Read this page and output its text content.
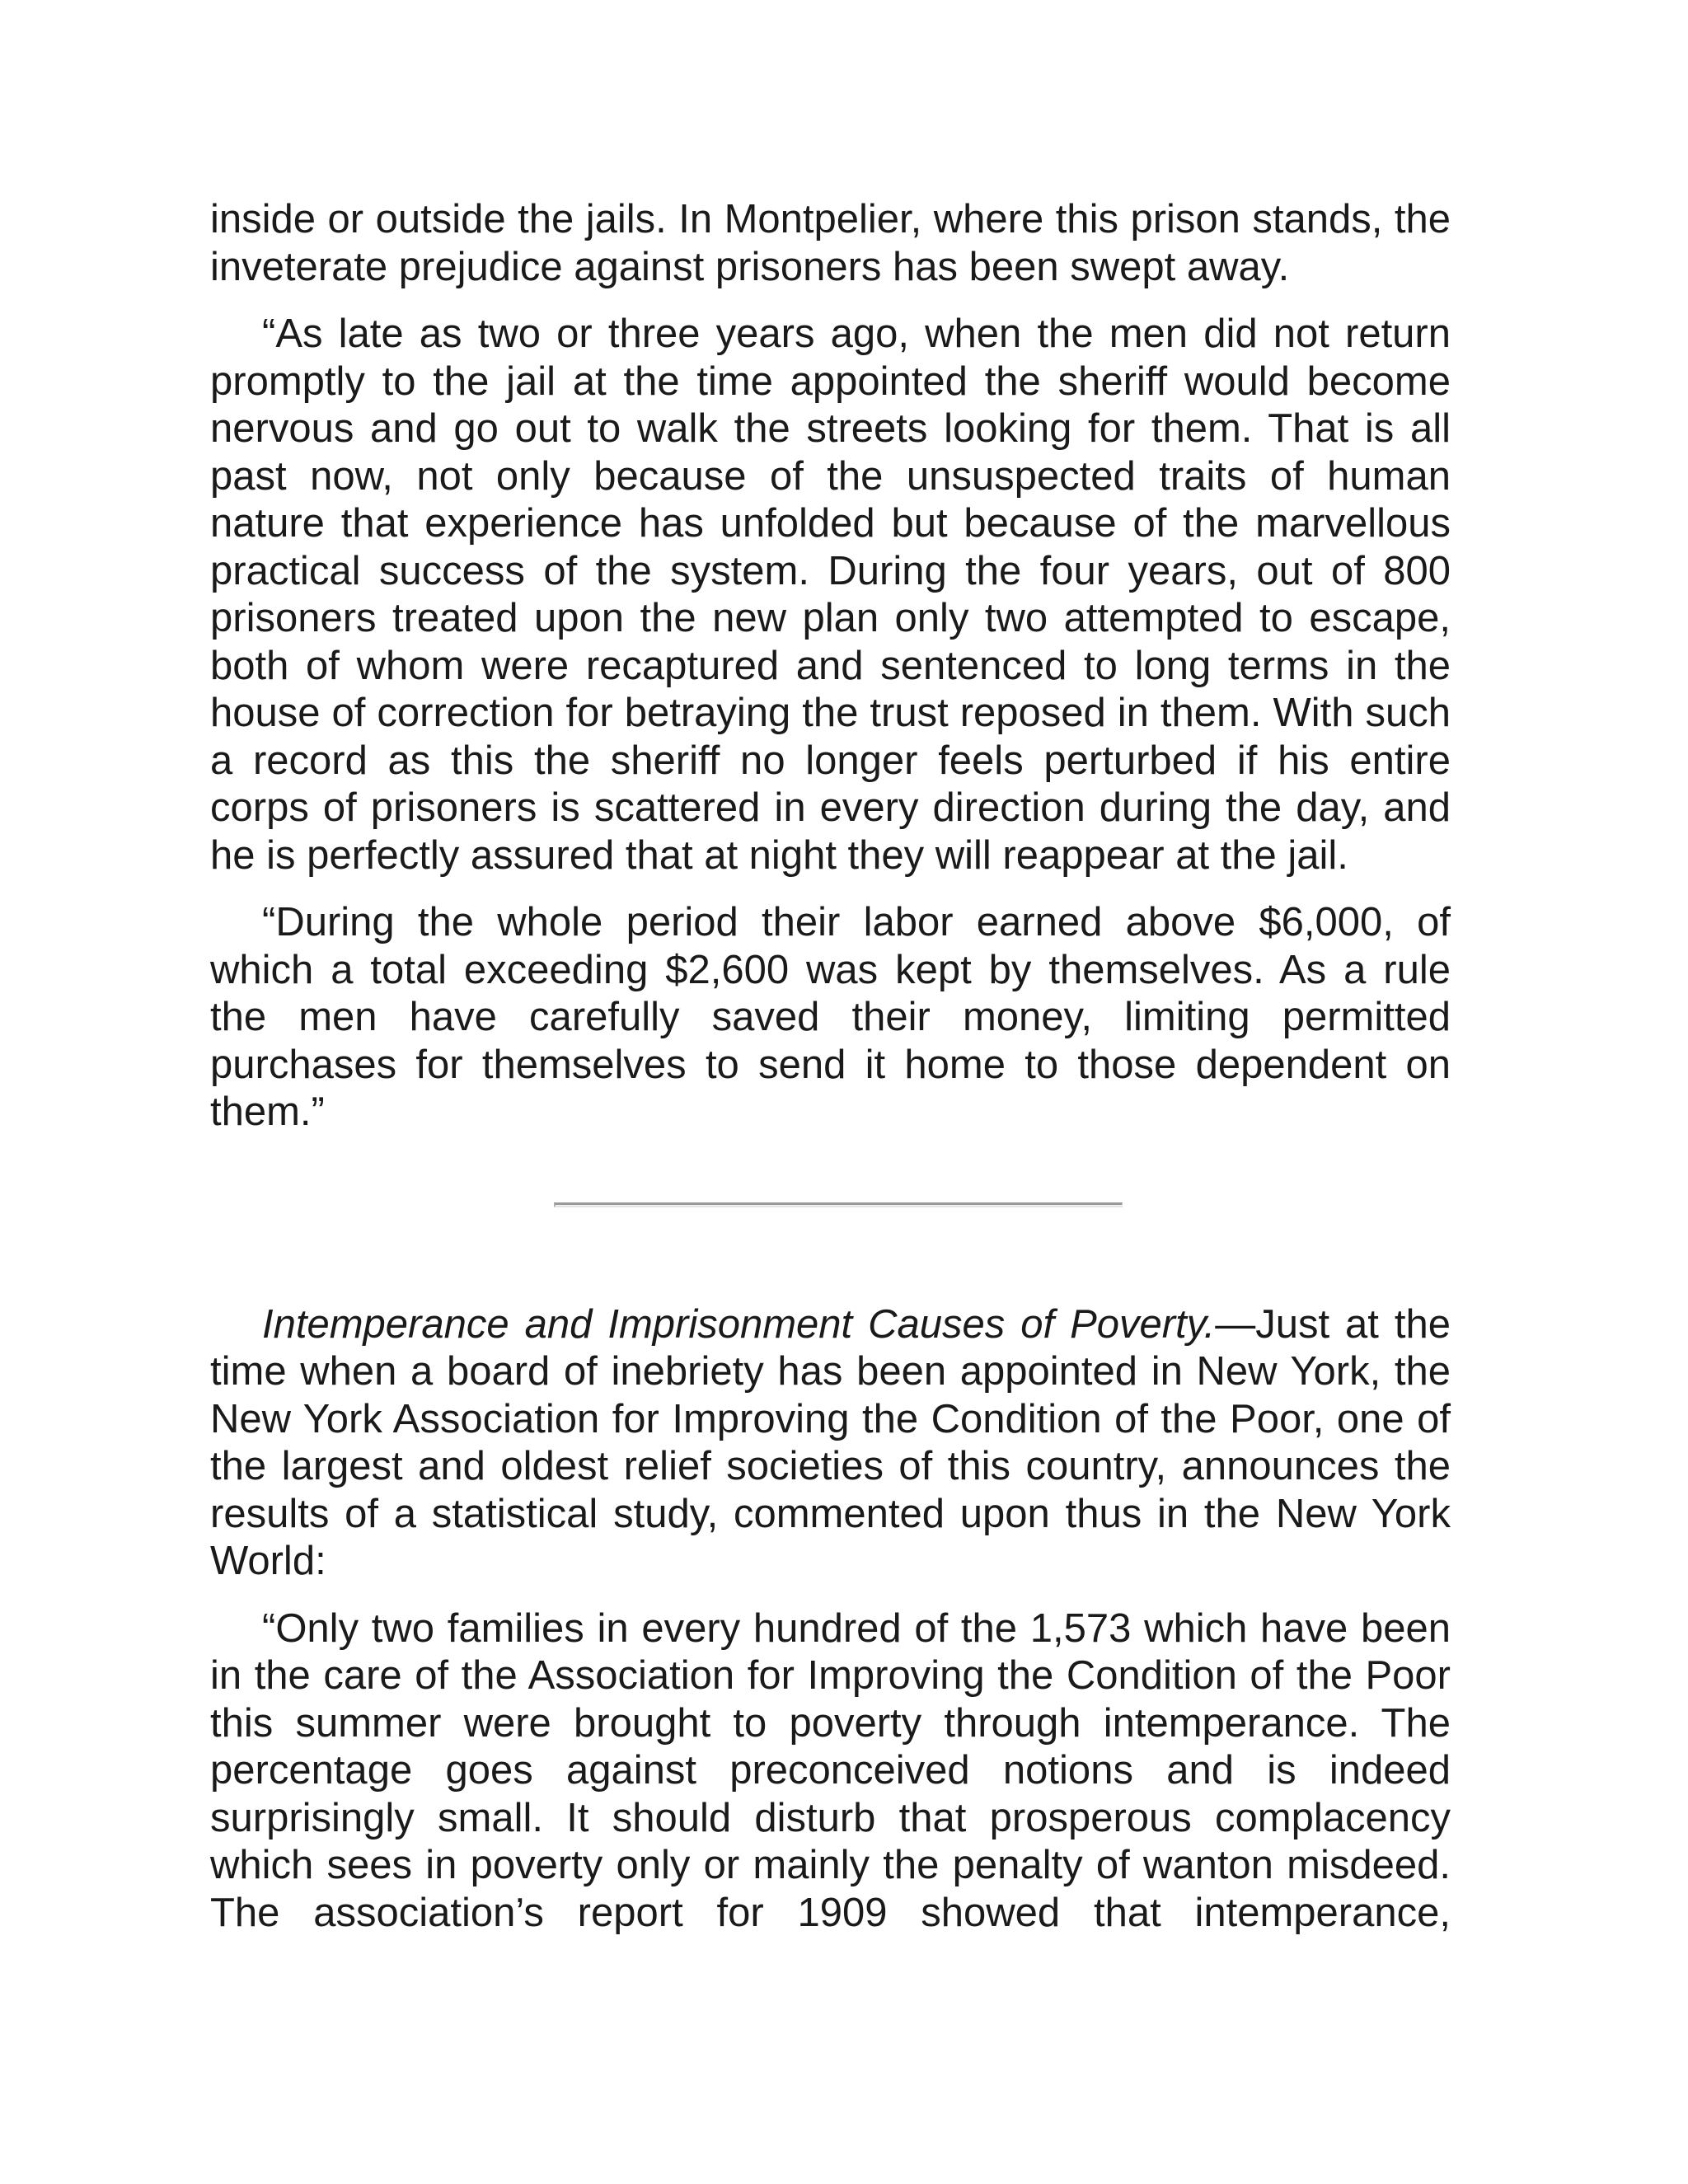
inside or outside the jails. In Montpelier, where this prison stands, the inveterate prejudice against prisoners has been swept away.

“As late as two or three years ago, when the men did not return promptly to the jail at the time appointed the sheriff would become nervous and go out to walk the streets looking for them. That is all past now, not only because of the unsuspected traits of human nature that experience has unfolded but because of the marvellous practical success of the system. During the four years, out of 800 prisoners treated upon the new plan only two attempted to escape, both of whom were recaptured and sentenced to long terms in the house of correction for betraying the trust reposed in them. With such a record as this the sheriff no longer feels perturbed if his entire corps of prisoners is scattered in every direction during the day, and he is perfectly assured that at night they will reappear at the jail.

“During the whole period their labor earned above $6,000, of which a total exceeding $2,600 was kept by themselves. As a rule the men have carefully saved their money, limiting permitted purchases for themselves to send it home to those dependent on them.”

Intemperance and Imprisonment Causes of Poverty.—Just at the time when a board of inebriety has been appointed in New York, the New York Association for Improving the Condition of the Poor, one of the largest and oldest relief societies of this country, announces the results of a statistical study, commented upon thus in the New York World:

“Only two families in every hundred of the 1,573 which have been in the care of the Association for Improving the Condition of the Poor this summer were brought to poverty through intemperance. The percentage goes against preconceived notions and is indeed surprisingly small. It should disturb that prosperous complacency which sees in poverty only or mainly the penalty of wanton misdeed. The association’s report for 1909 showed that intemperance,
